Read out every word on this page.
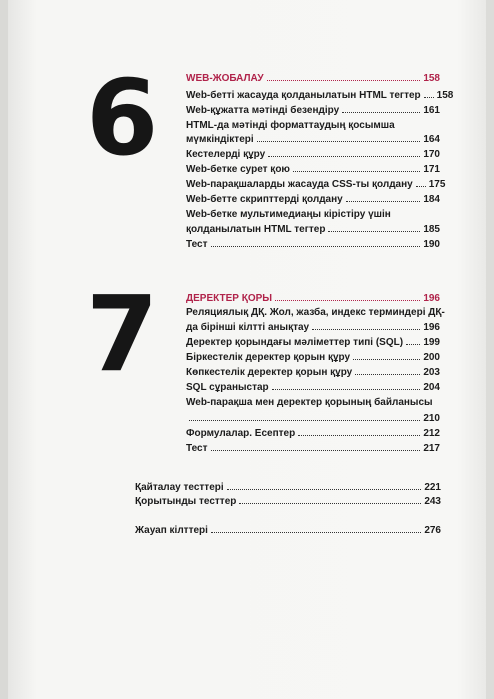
6	WEB-ЖОБАЛАУ	158
Web-бетті жасауда қолданылатын HTML тегтер 158
Web-құжатта мәтінді безендіру	161
HTML-да мәтінді форматтаудың қосымша
мүмкіндіктері	164
Кестелерді құру	170
Web-бетке сурет қою	171
Web-парақшаларды жасауда CSS-ты қолдану 175
Web-бетте скрипттерді қолдану	184
Web-бетке мультимедиаңы кірістіру үшін
қолданылатын HTML тегтер	185
Тест	190
7	ДЕРЕКТЕР ҚОРЫ	196
Реляциялық ДҚ. Жол, жазба, индекс терминдері ДҚ-
да бірінші кілтті анықтау	196
Деректер қорындағы мәліметтер типі (SQL) 199
Біркестелік деректер қорын құру	200
Көпкестелік деректер қорын құру	203
SQL сұраныстар	204
Web-парақша мен деректер қорының байланысы
210
Формулалар. Есептер	212
Тест	217
Қайталау тесттері	221
Қорытынды тесттер	243
Жауап кілттері	276
